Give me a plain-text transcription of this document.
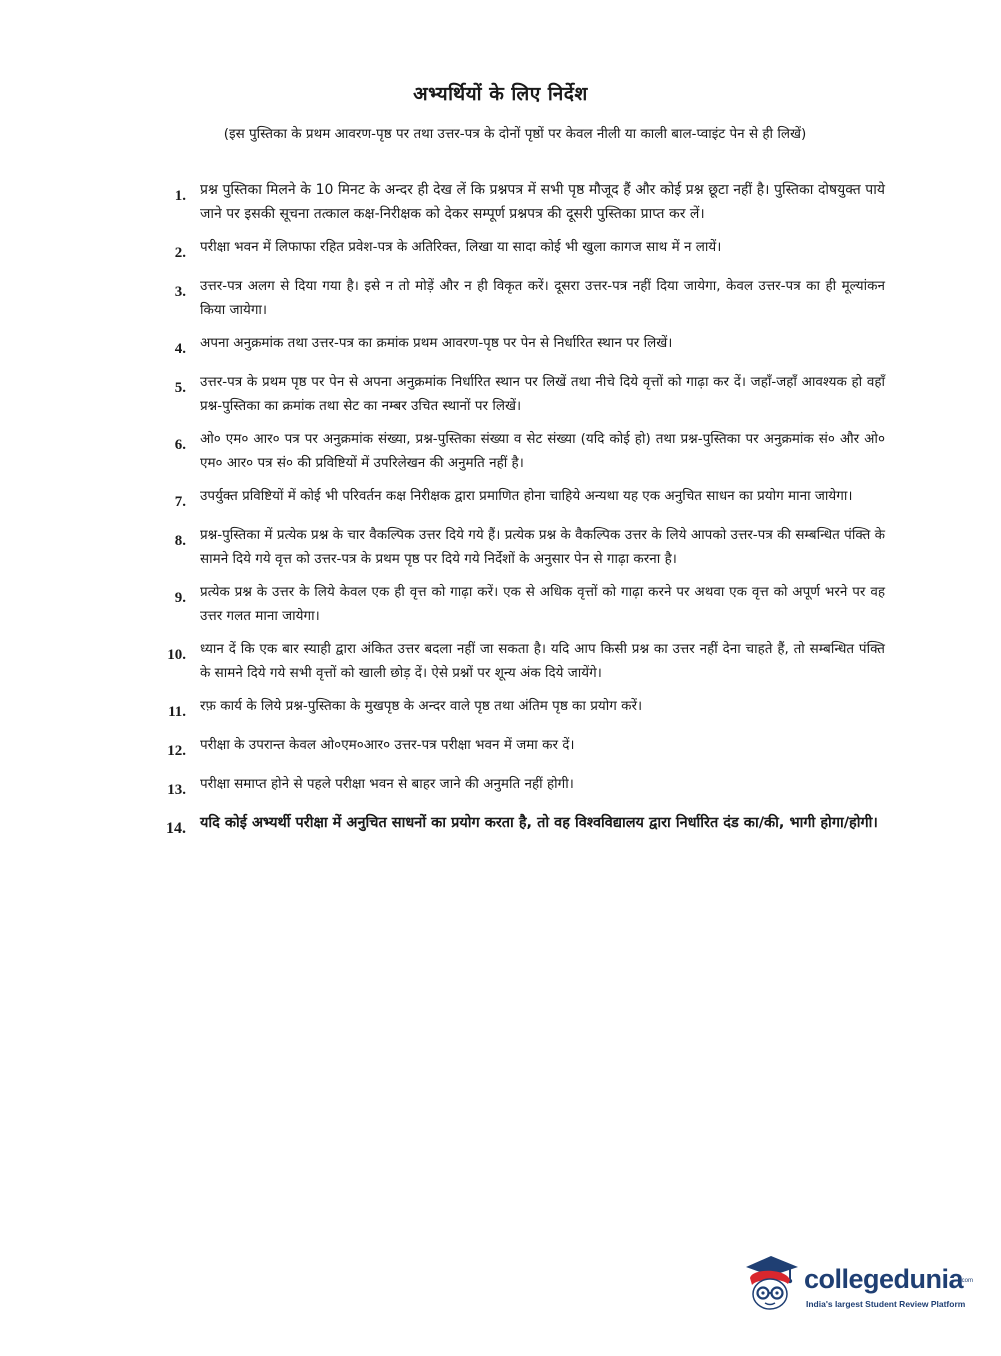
अभ्यर्थियों के लिए निर्देश
(इस पुस्तिका के प्रथम आवरण-पृष्ठ पर तथा उत्तर-पत्र के दोनों पृष्ठों पर केवल नीली या काली बाल-प्वाइंट पेन से ही लिखें)
1.	प्रश्न पुस्तिका मिलने के 10 मिनट के अन्दर ही देख लें कि प्रश्नपत्र में सभी पृष्ठ मौजूद हैं और कोई प्रश्न छूटा नहीं है। पुस्तिका दोषयुक्त पाये जाने पर इसकी सूचना तत्काल कक्ष-निरीक्षक को देकर सम्पूर्ण प्रश्नपत्र की दूसरी पुस्तिका प्राप्त कर लें।
2.	परीक्षा भवन में लिफाफा रहित प्रवेश-पत्र के अतिरिक्त, लिखा या सादा कोई भी खुला कागज साथ में न लायें।
3.	उत्तर-पत्र अलग से दिया गया है। इसे न तो मोड़ें और न ही विकृत करें। दूसरा उत्तर-पत्र नहीं दिया जायेगा, केवल उत्तर-पत्र का ही मूल्यांकन किया जायेगा।
4.	अपना अनुक्रमांक तथा उत्तर-पत्र का क्रमांक प्रथम आवरण-पृष्ठ पर पेन से निर्धारित स्थान पर लिखें।
5.	उत्तर-पत्र के प्रथम पृष्ठ पर पेन से अपना अनुक्रमांक निर्धारित स्थान पर लिखें तथा नीचे दिये वृत्तों को गाढ़ा कर दें। जहाँ-जहाँ आवश्यक हो वहाँ प्रश्न-पुस्तिका का क्रमांक तथा सेट का नम्बर उचित स्थानों पर लिखें।
6.	ओ० एम० आर० पत्र पर अनुक्रमांक संख्या, प्रश्न-पुस्तिका संख्या व सेट संख्या (यदि कोई हो) तथा प्रश्न-पुस्तिका पर अनुक्रमांक सं० और ओ० एम० आर० पत्र सं० की प्रविष्टियों में उपरिलेखन की अनुमति नहीं है।
7.	उपर्युक्त प्रविष्टियों में कोई भी परिवर्तन कक्ष निरीक्षक द्वारा प्रमाणित होना चाहिये अन्यथा यह एक अनुचित साधन का प्रयोग माना जायेगा।
8.	प्रश्न-पुस्तिका में प्रत्येक प्रश्न के चार वैकल्पिक उत्तर दिये गये हैं। प्रत्येक प्रश्न के वैकल्पिक उत्तर के लिये आपको उत्तर-पत्र की सम्बन्धित पंक्ति के सामने दिये गये वृत्त को उत्तर-पत्र के प्रथम पृष्ठ पर दिये गये निर्देशों के अनुसार पेन से गाढ़ा करना है।
9.	प्रत्येक प्रश्न के उत्तर के लिये केवल एक ही वृत्त को गाढ़ा करें। एक से अधिक वृत्तों को गाढ़ा करने पर अथवा एक वृत्त को अपूर्ण भरने पर वह उत्तर गलत माना जायेगा।
10.	ध्यान दें कि एक बार स्याही द्वारा अंकित उत्तर बदला नहीं जा सकता है। यदि आप किसी प्रश्न का उत्तर नहीं देना चाहते हैं, तो सम्बन्धित पंक्ति के सामने दिये गये सभी वृत्तों को खाली छोड़ दें। ऐसे प्रश्नों पर शून्य अंक दिये जायेंगे।
11.	रफ़ कार्य के लिये प्रश्न-पुस्तिका के मुखपृष्ठ के अन्दर वाले पृष्ठ तथा अंतिम पृष्ठ का प्रयोग करें।
12.	परीक्षा के उपरान्त केवल ओ०एम०आर० उत्तर-पत्र परीक्षा भवन में जमा कर दें।
13.	परीक्षा समाप्त होने से पहले परीक्षा भवन से बाहर जाने की अनुमति नहीं होगी।
14. यदि कोई अभ्यर्थी परीक्षा में अनुचित साधनों का प्रयोग करता है, तो वह विश्वविद्यालय द्वारा निर्धारित दंड का/की, भागी होगा/होगी।
collegedunia
.com
India's largest Student Review Platform
